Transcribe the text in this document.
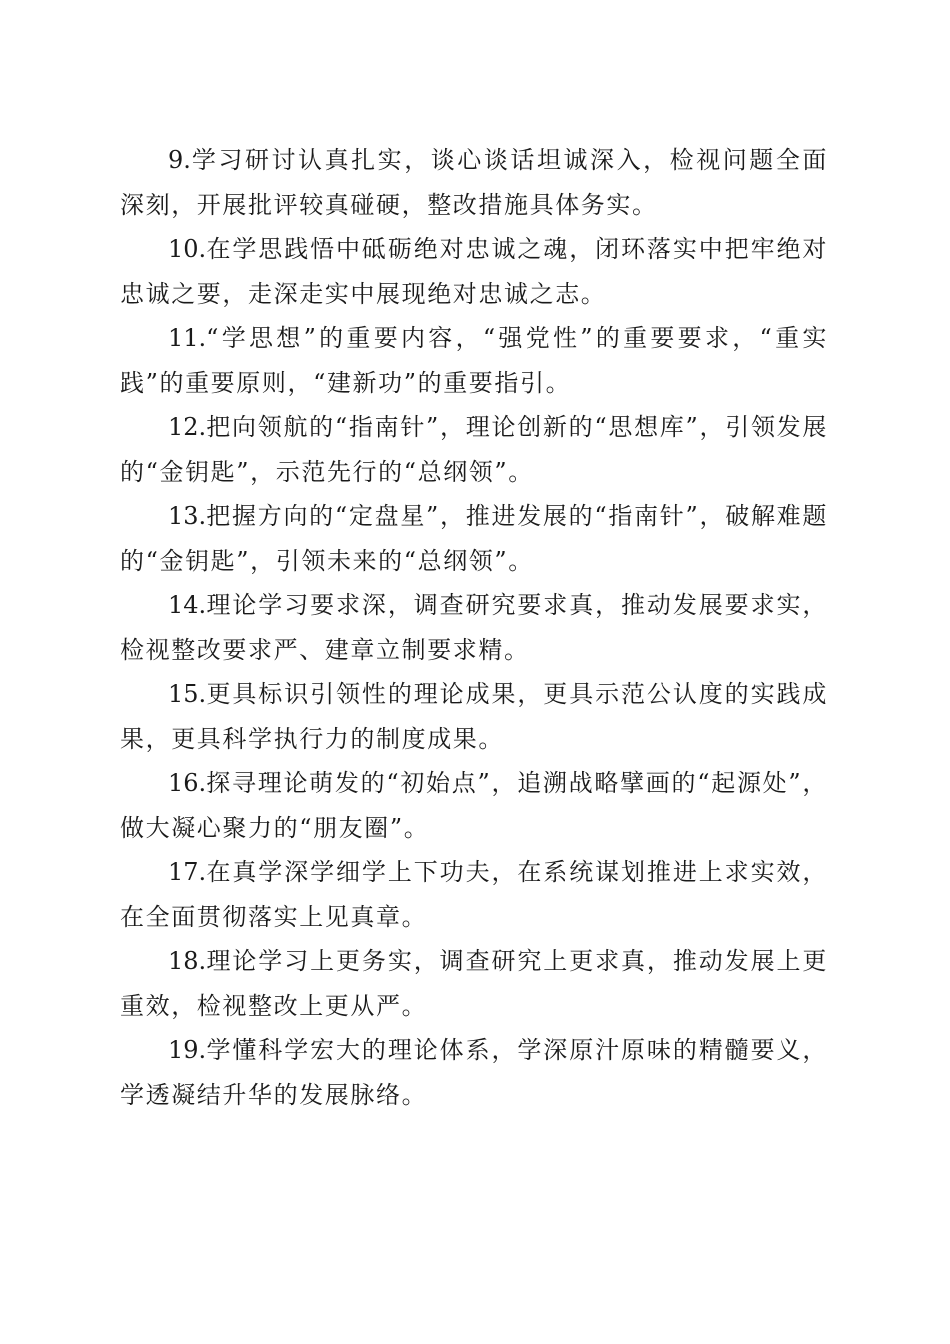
9.学习研讨认真扎实，谈心谈话坦诚深入，检视问题全面深刻，开展批评较真碰硬，整改措施具体务实。

10.在学思践悟中砥砺绝对忠诚之魂，闭环落实中把牢绝对忠诚之要，走深走实中展现绝对忠诚之志。

11.“学思想”的重要内容，“强党性”的重要要求，“重实践”的重要原则，“建新功”的重要指引。

12.把向领航的“指南针”，理论创新的“思想库”，引领发展的“金钥匙”，示范先行的“总纲领”。

13.把握方向的“定盘星”，推进发展的“指南针”，破解难题的“金钥匙”，引领未来的“总纲领”。

14.理论学习要求深，调查研究要求真，推动发展要求实，检视整改要求严、建章立制要求精。

15.更具标识引领性的理论成果，更具示范公认度的实践成果，更具科学执行力的制度成果。

16.探寻理论萌发的“初始点”，追溯战略擘画的“起源处”，做大凝心聚力的“朋友圈”。

17.在真学深学细学上下功夫，在系统谋划推进上求实效，在全面贯彻落实上见真章。

18.理论学习上更务实，调查研究上更求真，推动发展上更重效，检视整改上更从严。

19.学懂科学宏大的理论体系，学深原汁原味的精髓要义，学透凝结升华的发展脉络。
